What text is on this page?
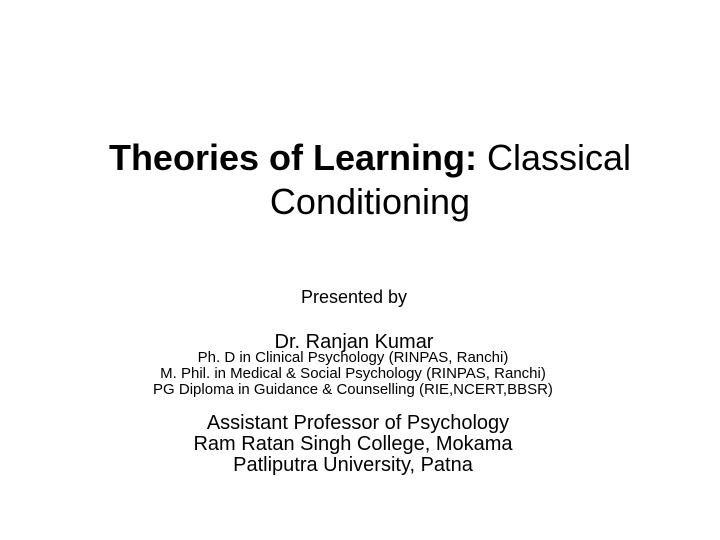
Theories of Learning: Classical Conditioning
Presented by
Dr. Ranjan Kumar
Ph. D in Clinical Psychology (RINPAS, Ranchi)
M. Phil. in Medical & Social Psychology (RINPAS, Ranchi)
PG Diploma in Guidance & Counselling (RIE,NCERT,BBSR)
Assistant Professor of Psychology
Ram Ratan Singh College, Mokama
Patliputra University, Patna
